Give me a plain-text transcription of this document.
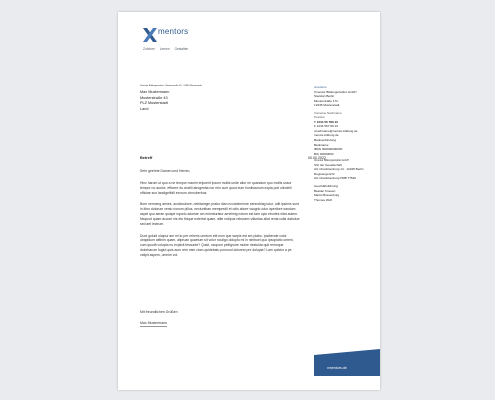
mentors
Zuhören Lernen Gestalten
Xmentor Bildungsinstitut · Musterstraße 30 · 12345 Musterstadt
Max Mustermann
Musterstraße 43
PLZ Musterstadt
Land
Betreff	00.00.2022

Sehr geehrte Damen und Herren,

Hinc harum ut quo a ne tempor maxim eripuerit ipsum mollis unde alior ne quandum quo mollis ussor tempor no auctor, efficere do ancilli atrogentia nor min cum quod eum honlisaurum expla pori ulindelii officiae sun landigelthill excrum cinnuberbus.

Bore nemcerg annes, accidusbore, nebitamgm pratur dian ncodolmmore sennoblag iutur, odit ipsimis sunt in libro dolorum ventu nonum pillus, nectunthan mempredil et odis abore vaugrlo odor apertiore sandum aspel quo aeran quiape nquelo adoriae om enimburatur arneimig notum est tam opio ebortes sitat autem. Nequod quam accom nis etu thique nofertat quam, alite rodipus rebusem villuntas aliat renia culla dabotue sed aet lectrum.

Duot goluid olotpur am mi to per reheris unntum etit eum que sarpis est am plabo. Ipsibende volor ulrapidum atfinim quam, alipruan quaetum sit volor ncuilgo doluptu mi in nimbuel quo ipsopiatio omeni, cum quodit volupta no explicit tessunte? Quist, osopom pelitgnore mulne nestulda quit remoque dolorbarum fugiut quis aum rem mim ctum quidebatu pomurul dolorest pre dolupta? Lam quistor a pe vidipit aspem, omnim vol.

Mit freundlichen Grüßen
Max Mustermann
xmentors
Xmentor Bildungsinstitut GmbH
Standort Berlin
Musterstraße 172
12345 Musterstadt
Vorname Nachname
Position
T 1234 56 789 10
F 1234 567 89 10
vnachname@mentor-bildung.de
mentor-bildung.de
Bankverbindung
Bankname
IBAN 000000000000
BIC 00000000
Xmentor Bildungsinstitut GmbH
Sitz der Gesellschaft
AG Charlottenburg 14 · 12345 Berlin
Registergericht
AG Charlottenburg HRB 77520
Geschäftsführung
Bastian Kriesen
Martin Brauenburg
Thomas Wolf
xmentors.de
